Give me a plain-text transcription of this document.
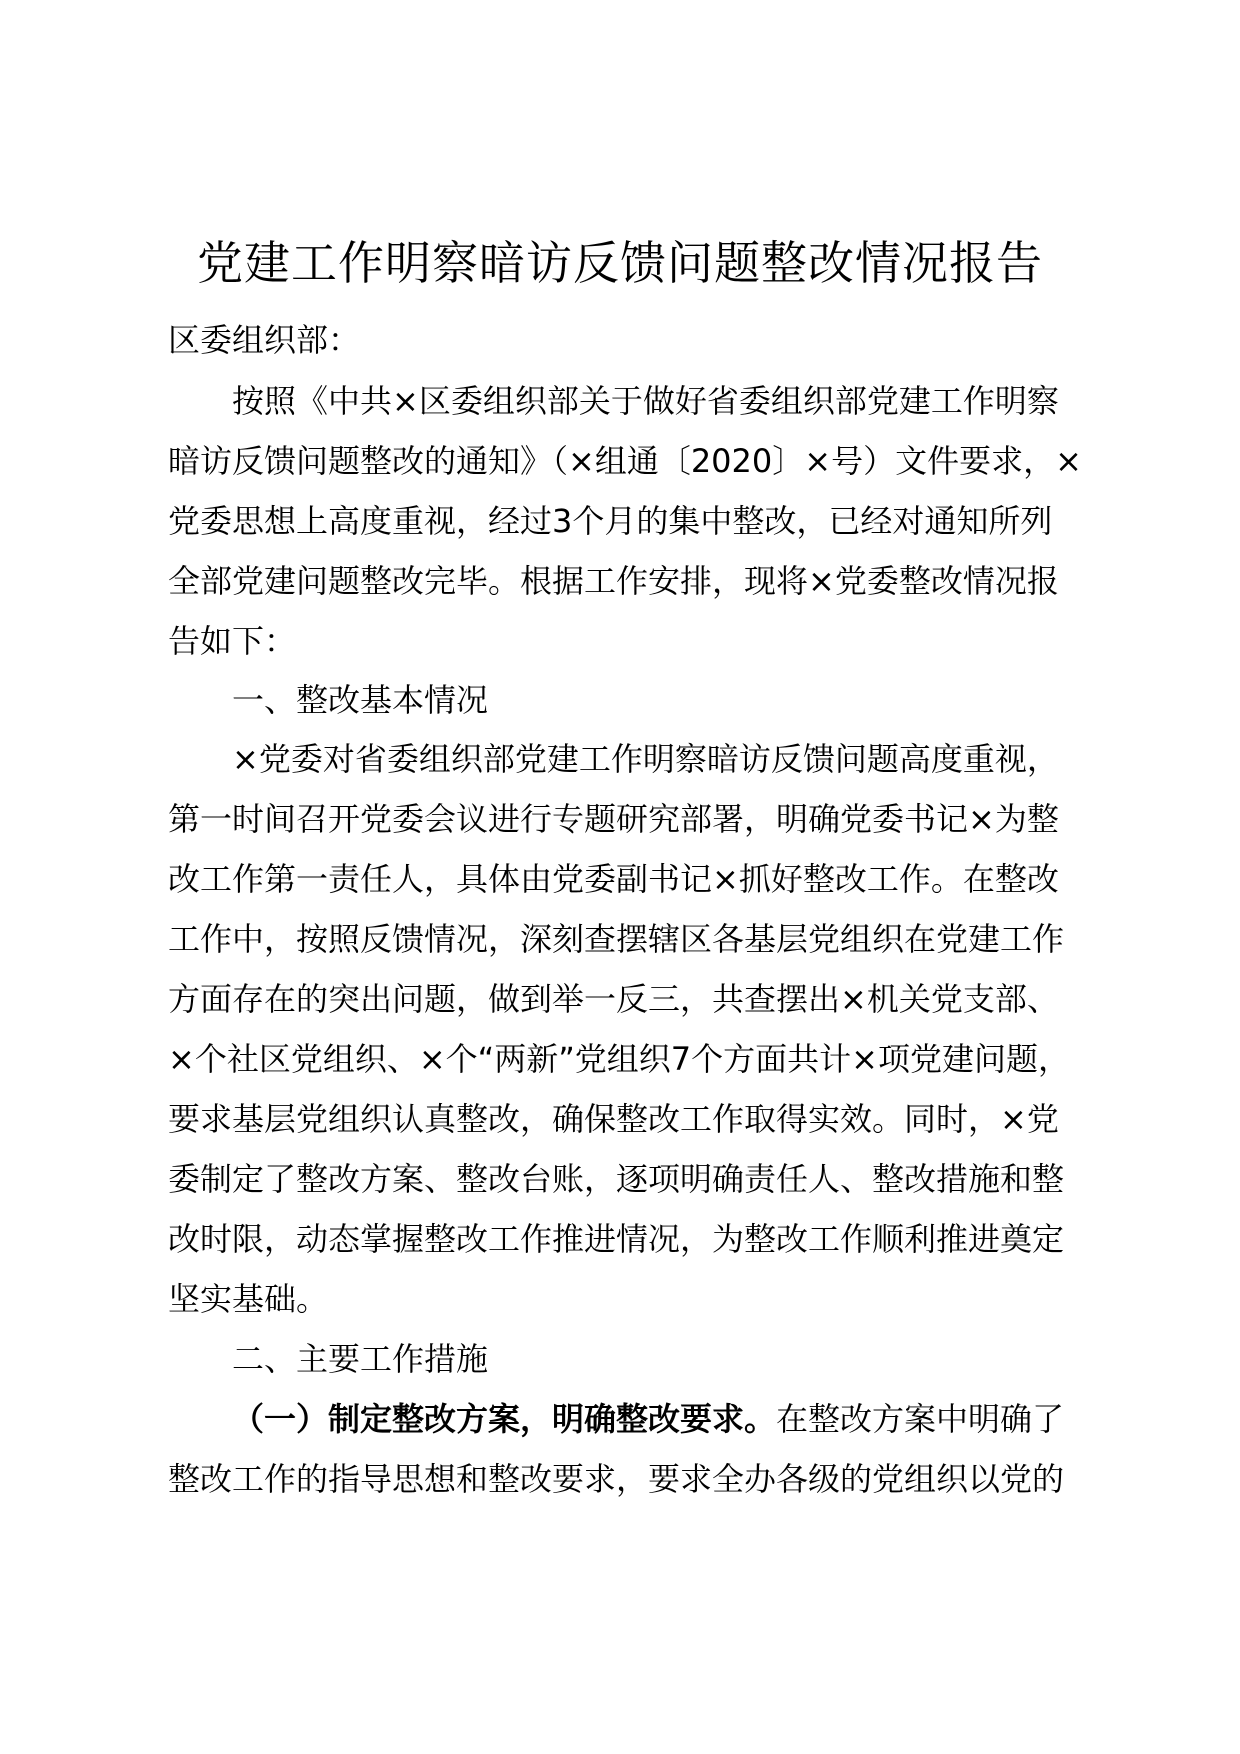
党建工作明察暗访反馈问题整改情况报告
区委组织部：
按照《中共×区委组织部关于做好省委组织部党建工作明察
暗访反馈问题整改的通知》（×组通〔2020〕×号）文件要求，×
党委思想上高度重视，经过3个月的集中整改，已经对通知所列
全部党建问题整改完毕。根据工作安排，现将×党委整改情况报
告如下：
一、整改基本情况
×党委对省委组织部党建工作明察暗访反馈问题高度重视，
第一时间召开党委会议进行专题研究部署，明确党委书记×为整
改工作第一责任人，具体由党委副书记×抓好整改工作。在整改
工作中，按照反馈情况，深刻查摆辖区各基层党组织在党建工作
方面存在的突出问题，做到举一反三，共查摆出×机关党支部、
×个社区党组织、×个“两新”党组织7个方面共计×项党建问题，
要求基层党组织认真整改，确保整改工作取得实效。同时，×党
委制定了整改方案、整改台账，逐项明确责任人、整改措施和整
改时限，动态掌握整改工作推进情况，为整改工作顺利推进奠定
坚实基础。
二、主要工作措施
（一）制定整改方案，明确整改要求。在整改方案中明确了
整改工作的指导思想和整改要求，要求全办各级的党组织以党的
